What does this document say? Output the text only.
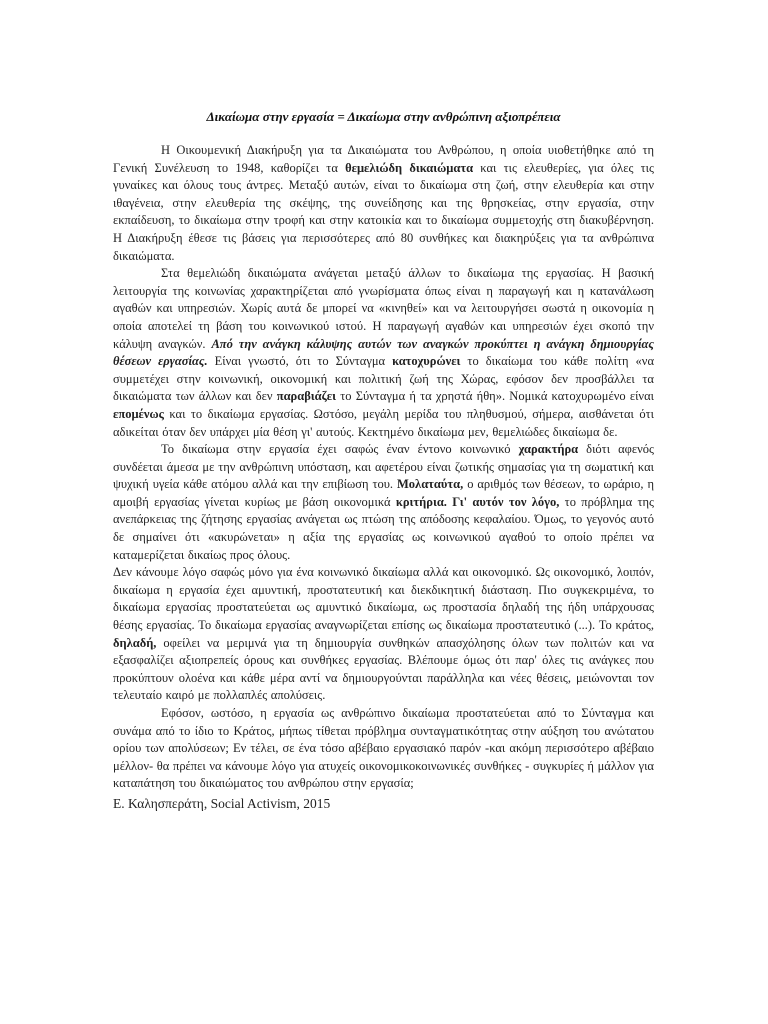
Δικαίωμα στην εργασία = Δικαίωμα στην ανθρώπινη αξιοπρέπεια

Η Οικουμενική Διακήρυξη για τα Δικαιώματα του Ανθρώπου, η οποία υιοθετήθηκε από τη Γενική Συνέλευση το 1948, καθορίζει τα θεμελιώδη δικαιώματα και τις ελευθερίες, για όλες τις γυναίκες και όλους τους άντρες. Μεταξύ αυτών, είναι το δικαίωμα στη ζωή, στην ελευθερία και στην ιθαγένεια, στην ελευθερία της σκέψης, της συνείδησης και της θρησκείας, στην εργασία, στην εκπαίδευση, το δικαίωμα στην τροφή και στην κατοικία και το δικαίωμα συμμετοχής στη διακυβέρνηση. Η Διακήρυξη έθεσε τις βάσεις για περισσότερες από 80 συνθήκες και διακηρύξεις για τα ανθρώπινα δικαιώματα.

Στα θεμελιώδη δικαιώματα ανάγεται μεταξύ άλλων το δικαίωμα της εργασίας. Η βασική λειτουργία της κοινωνίας χαρακτηρίζεται από γνωρίσματα όπως είναι η παραγωγή και η κατανάλωση αγαθών και υπηρεσιών. Χωρίς αυτά δε μπορεί να «κινηθεί» και να λειτουργήσει σωστά η οικονομία η οποία αποτελεί τη βάση του κοινωνικού ιστού. Η παραγωγή αγαθών και υπηρεσιών έχει σκοπό την κάλυψη αναγκών. Από την ανάγκη κάλυψης αυτών των αναγκών προκύπτει η ανάγκη δημιουργίας θέσεων εργασίας. Είναι γνωστό, ότι το Σύνταγμα κατοχυρώνει το δικαίωμα του κάθε πολίτη «να συμμετέχει στην κοινωνική, οικονομική και πολιτική ζωή της Χώρας, εφόσον δεν προσβάλλει τα δικαιώματα των άλλων και δεν παραβιάζει το Σύνταγμα ή τα χρηστά ήθη». Νομικά κατοχυρωμένο είναι επομένως και το δικαίωμα εργασίας. Ωστόσο, μεγάλη μερίδα του πληθυσμού, σήμερα, αισθάνεται ότι αδικείται όταν δεν υπάρχει μία θέση γι' αυτούς. Κεκτημένο δικαίωμα μεν, θεμελιώδες δικαίωμα δε.

Το δικαίωμα στην εργασία έχει σαφώς έναν έντονο κοινωνικό χαρακτήρα διότι αφενός συνδέεται άμεσα με την ανθρώπινη υπόσταση, και αφετέρου είναι ζωτικής σημασίας για τη σωματική και ψυχική υγεία κάθε ατόμου αλλά και την επιβίωση του. Μολαταύτα, ο αριθμός των θέσεων, το ωράριο, η αμοιβή εργασίας γίνεται κυρίως με βάση οικονομικά κριτήρια. Γι' αυτόν τον λόγο, το πρόβλημα της ανεπάρκειας της ζήτησης εργασίας ανάγεται ως πτώση της απόδοσης κεφαλαίου. Όμως, το γεγονός αυτό δε σημαίνει ότι «ακυρώνεται» η αξία της εργασίας ως κοινωνικού αγαθού το οποίο πρέπει να καταμερίζεται δικαίως προς όλους.

Δεν κάνουμε λόγο σαφώς μόνο για ένα κοινωνικό δικαίωμα αλλά και οικονομικό. Ως οικονομικό, λοιπόν, δικαίωμα η εργασία έχει αμυντική, προστατευτική και διεκδικητική διάσταση. Πιο συγκεκριμένα, το δικαίωμα εργασίας προστατεύεται ως αμυντικό δικαίωμα, ως προστασία δηλαδή της ήδη υπάρχουσας θέσης εργασίας. Το δικαίωμα εργασίας αναγνωρίζεται επίσης ως δικαίωμα προστατευτικό (...). Το κράτος, δηλαδή, οφείλει να μεριμνά για τη δημιουργία συνθηκών απασχόλησης όλων των πολιτών και να εξασφαλίζει αξιοπρεπείς όρους και συνθήκες εργασίας. Βλέπουμε όμως ότι παρ' όλες τις ανάγκες που προκύπτουν ολοένα και κάθε μέρα αντί να δημιουργούνται παράλληλα και νέες θέσεις, μειώνονται τον τελευταίο καιρό με πολλαπλές απολύσεις.

Εφόσον, ωστόσο, η εργασία ως ανθρώπινο δικαίωμα προστατεύεται από το Σύνταγμα και συνάμα από το ίδιο το Κράτος, μήπως τίθεται πρόβλημα συνταγματικότητας στην αύξηση του ανώτατου ορίου των απολύσεων; Εν τέλει, σε ένα τόσο αβέβαιο εργασιακό παρόν -και ακόμη περισσότερο αβέβαιο μέλλον- θα πρέπει να κάνουμε λόγο για ατυχείς οικονομικοκοινωνικές συνθήκες - συγκυρίες ή μάλλον για καταπάτηση του δικαιώματος του ανθρώπου στην εργασία;

Ε. Καλησπεράτη, Social Activism, 2015
